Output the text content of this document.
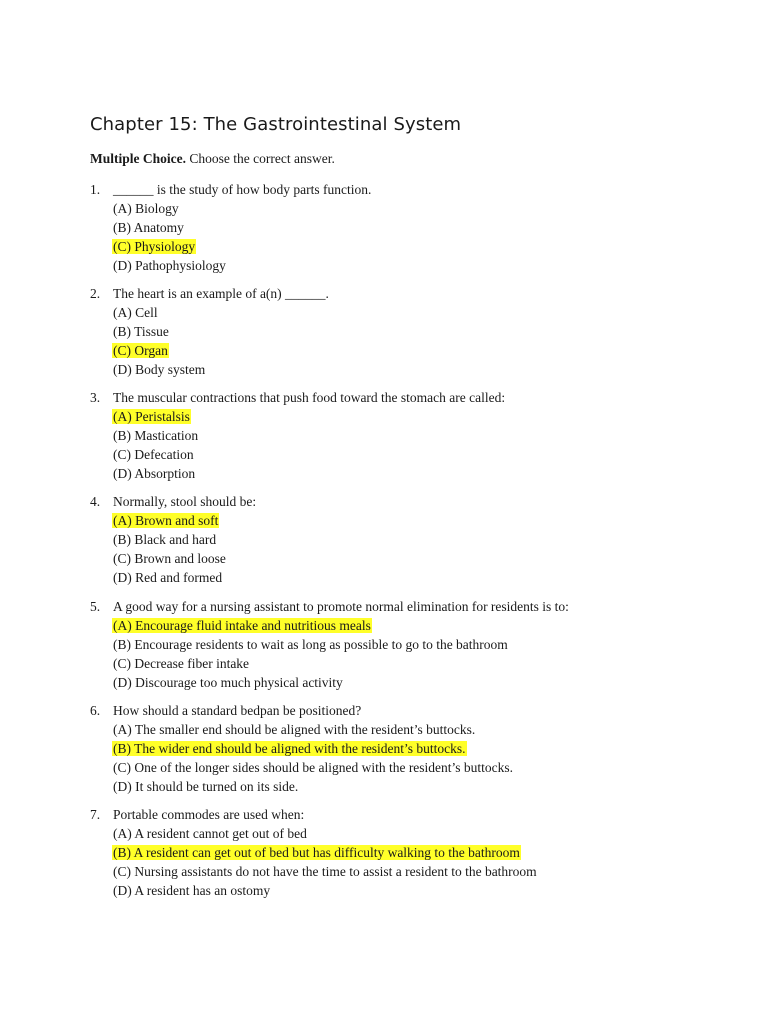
Chapter 15: The Gastrointestinal System
Multiple Choice. Choose the correct answer.
1. ______ is the study of how body parts function.
(A) Biology
(B) Anatomy
(C) Physiology
(D) Pathophysiology
2. The heart is an example of a(n) ______.
(A) Cell
(B) Tissue
(C) Organ
(D) Body system
3. The muscular contractions that push food toward the stomach are called:
(A) Peristalsis
(B) Mastication
(C) Defecation
(D) Absorption
4. Normally, stool should be:
(A) Brown and soft
(B) Black and hard
(C) Brown and loose
(D) Red and formed
5. A good way for a nursing assistant to promote normal elimination for residents is to:
(A) Encourage fluid intake and nutritious meals
(B) Encourage residents to wait as long as possible to go to the bathroom
(C) Decrease fiber intake
(D) Discourage too much physical activity
6. How should a standard bedpan be positioned?
(A) The smaller end should be aligned with the resident’s buttocks.
(B) The wider end should be aligned with the resident’s buttocks.
(C) One of the longer sides should be aligned with the resident’s buttocks.
(D) It should be turned on its side.
7. Portable commodes are used when:
(A) A resident cannot get out of bed
(B) A resident can get out of bed but has difficulty walking to the bathroom
(C) Nursing assistants do not have the time to assist a resident to the bathroom
(D) A resident has an ostomy
